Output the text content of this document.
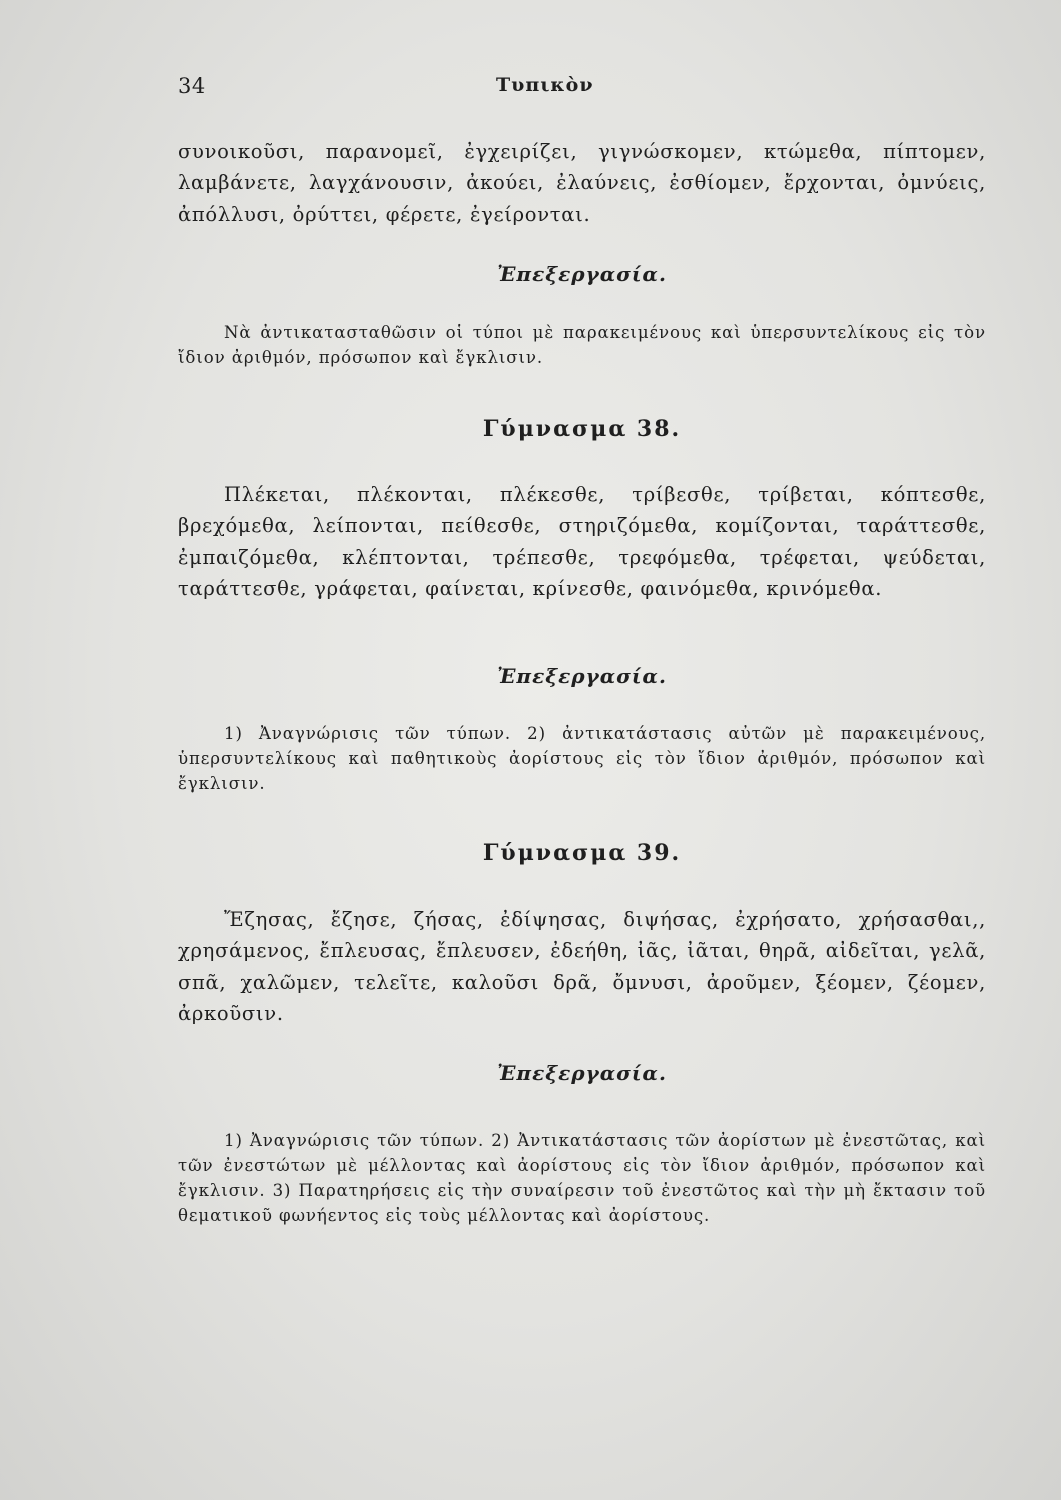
34	Τυπικὸν

συνοικοῦσι, παρανομεῖ, ἐγχειρίζει, γιγνώσκομεν, κτώμεθα, πίπτομεν, λαμβάνετε, λαγχάνουσιν, ἀκούει, ἐλαύνεις, ἐσθίομεν, ἔρχονται, ὀμνύεις, ἀπόλλυσι, ὀρύττει, φέρετε, ἐγείρονται.

Ἐπεξεργασία.

Νὰ ἀντικατασταθῶσιν οἱ τύποι μὲ παρακειμένους καὶ ὑπερσυντελίκους εἰς τὸν ἴδιον ἀριθμόν, πρόσωπον καὶ ἔγκλισιν.

Γύμνασμα 38.

Πλέκεται, πλέκονται, πλέκεσθε, τρίβεσθε, τρίβεται, κόπτεσθε, βρεχόμεθα, λείπονται, πείθεσθε, στηριζόμεθα, κομίζονται, ταράττεσθε, ἐμπαιζόμεθα, κλέπτονται, τρέπεσθε, τρεφόμεθα, τρέφεται, ψεύδεται, ταράττεσθε, γράφεται, φαίνεται, κρίνεσθε, φαινόμεθα, κρινόμεθα.

Ἐπεξεργασία.

1) Ἀναγνώρισις τῶν τύπων. 2) ἀντικατάστασις αὐτῶν μὲ παρακειμένους, ὑπερσυντελίκους καὶ παθητικοὺς ἀορίστους εἰς τὸν ἴδιον ἀριθμόν, πρόσωπον καὶ ἔγκλισιν.

Γύμνασμα 39.

Ἔζησας, ἔζησε, ζήσας, ἐδίψησας, διψήσας, ἐχρήσατο, χρήσασθαι,, χρησάμενος, ἔπλευσας, ἔπλευσεν, ἐδεήθη, ἰᾶς, ἰᾶται, θηρᾶ, αἰδεῖται, γελᾶ, σπᾶ, χαλῶμεν, τελεῖτε, καλοῦσι δρᾶ, ὄμνυσι, ἀροῦμεν, ξέομεν, ζέομεν, ἀρκοῦσιν.

Ἐπεξεργασία.

1) Ἀναγνώρισις τῶν τύπων. 2) Ἀντικατάστασις τῶν ἀορίστων μὲ ἐνεστῶτας, καὶ τῶν ἐνεστώτων μὲ μέλλοντας καὶ ἀορίστους εἰς τὸν ἴδιον ἀριθμόν, πρόσωπον καὶ ἔγκλισιν. 3) Παρατηρήσεις εἰς τὴν συναίρεσιν τοῦ ἐνεστῶτος καὶ τὴν μὴ ἔκτασιν τοῦ θεματικοῦ φωνήεντος εἰς τοὺς μέλλοντας καὶ ἀορίστους.
